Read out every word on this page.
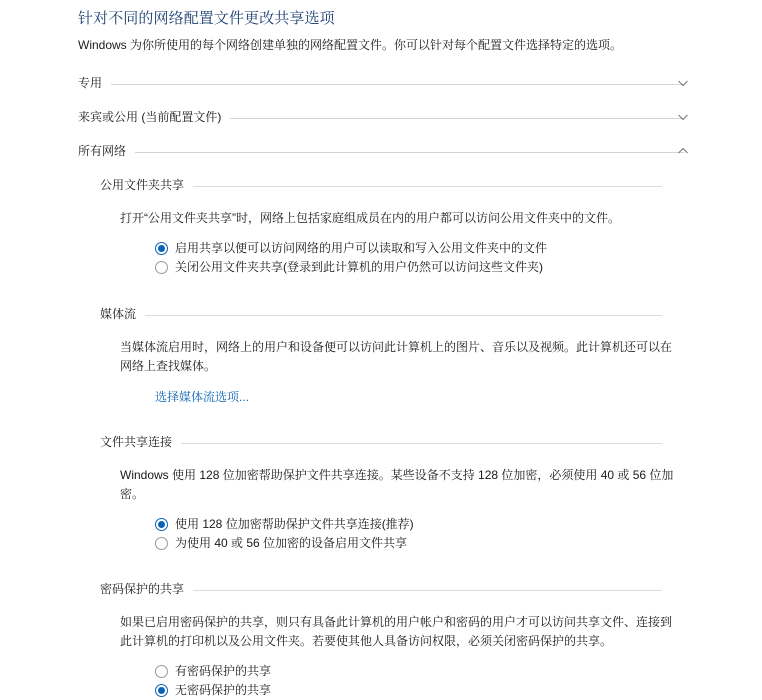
针对不同的网络配置文件更改共享选项

Windows 为你所使用的每个网络创建单独的网络配置文件。你可以针对每个配置文件选择特定的选项。

专用
来宾或公用 (当前配置文件)
所有网络
公用文件夹共享

打开“公用文件夹共享”时，网络上包括家庭组成员在内的用户都可以访问公用文件夹中的文件。

启用共享以便可以访问网络的用户可以读取和写入公用文件夹中的文件
关闭公用文件夹共享(登录到此计算机的用户仍然可以访问这些文件夹)
媒体流

当媒体流启用时，网络上的用户和设备便可以访问此计算机上的图片、音乐以及视频。此计算机还可以在网络上查找媒体。

选择媒体流选项...
文件共享连接

Windows 使用 128 位加密帮助保护文件共享连接。某些设备不支持 128 位加密，必须使用 40 或 56 位加密。

使用 128 位加密帮助保护文件共享连接(推荐)
为使用 40 或 56 位加密的设备启用文件共享
密码保护的共享

如果已启用密码保护的共享，则只有具备此计算机的用户帐户和密码的用户才可以访问共享文件、连接到此计算机的打印机以及公用文件夹。若要使其他人具备访问权限，必须关闭密码保护的共享。

有密码保护的共享
无密码保护的共享
